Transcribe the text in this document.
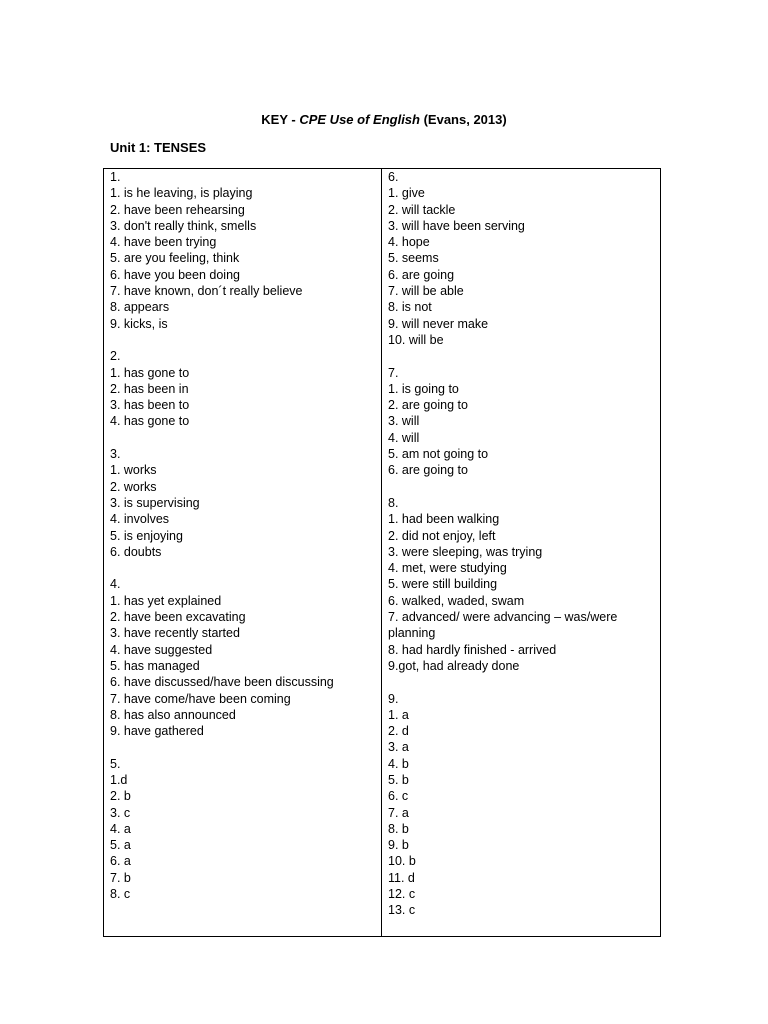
KEY - CPE Use of English (Evans, 2013)
Unit 1: TENSES
1.
1. is he leaving, is playing
2. have been rehearsing
3. don't really think, smells
4. have been trying
5. are you feeling, think
6. have you been doing
7. have known, don´t really believe
8. appears
9. kicks, is
2.
1. has gone to
2. has been in
3. has been to
4. has gone to
3.
1. works
2. works
3. is supervising
4. involves
5. is enjoying
6. doubts
4.
1. has yet explained
2. have been excavating
3. have recently started
4. have suggested
5. has managed
6. have discussed/have been discussing
7. have come/have been coming
8. has also announced
9. have gathered
5.
1.d
2. b
3. c
4. a
5. a
6. a
7. b
8. c
6.
1. give
2. will tackle
3. will have been serving
4. hope
5. seems
6. are going
7. will be able
8. is not
9. will never make
10. will be
7.
1. is going to
2. are going to
3. will
4. will
5. am not going to
6. are going to
8.
1. had been walking
2. did not enjoy, left
3. were sleeping, was trying
4. met, were studying
5. were still building
6. walked, waded, swam
7. advanced/ were advancing – was/were planning
8. had hardly finished - arrived
9.got, had already done
9.
1. a
2. d
3. a
4. b
5. b
6. c
7. a
8. b
9. b
10. b
11. d
12. c
13. c
